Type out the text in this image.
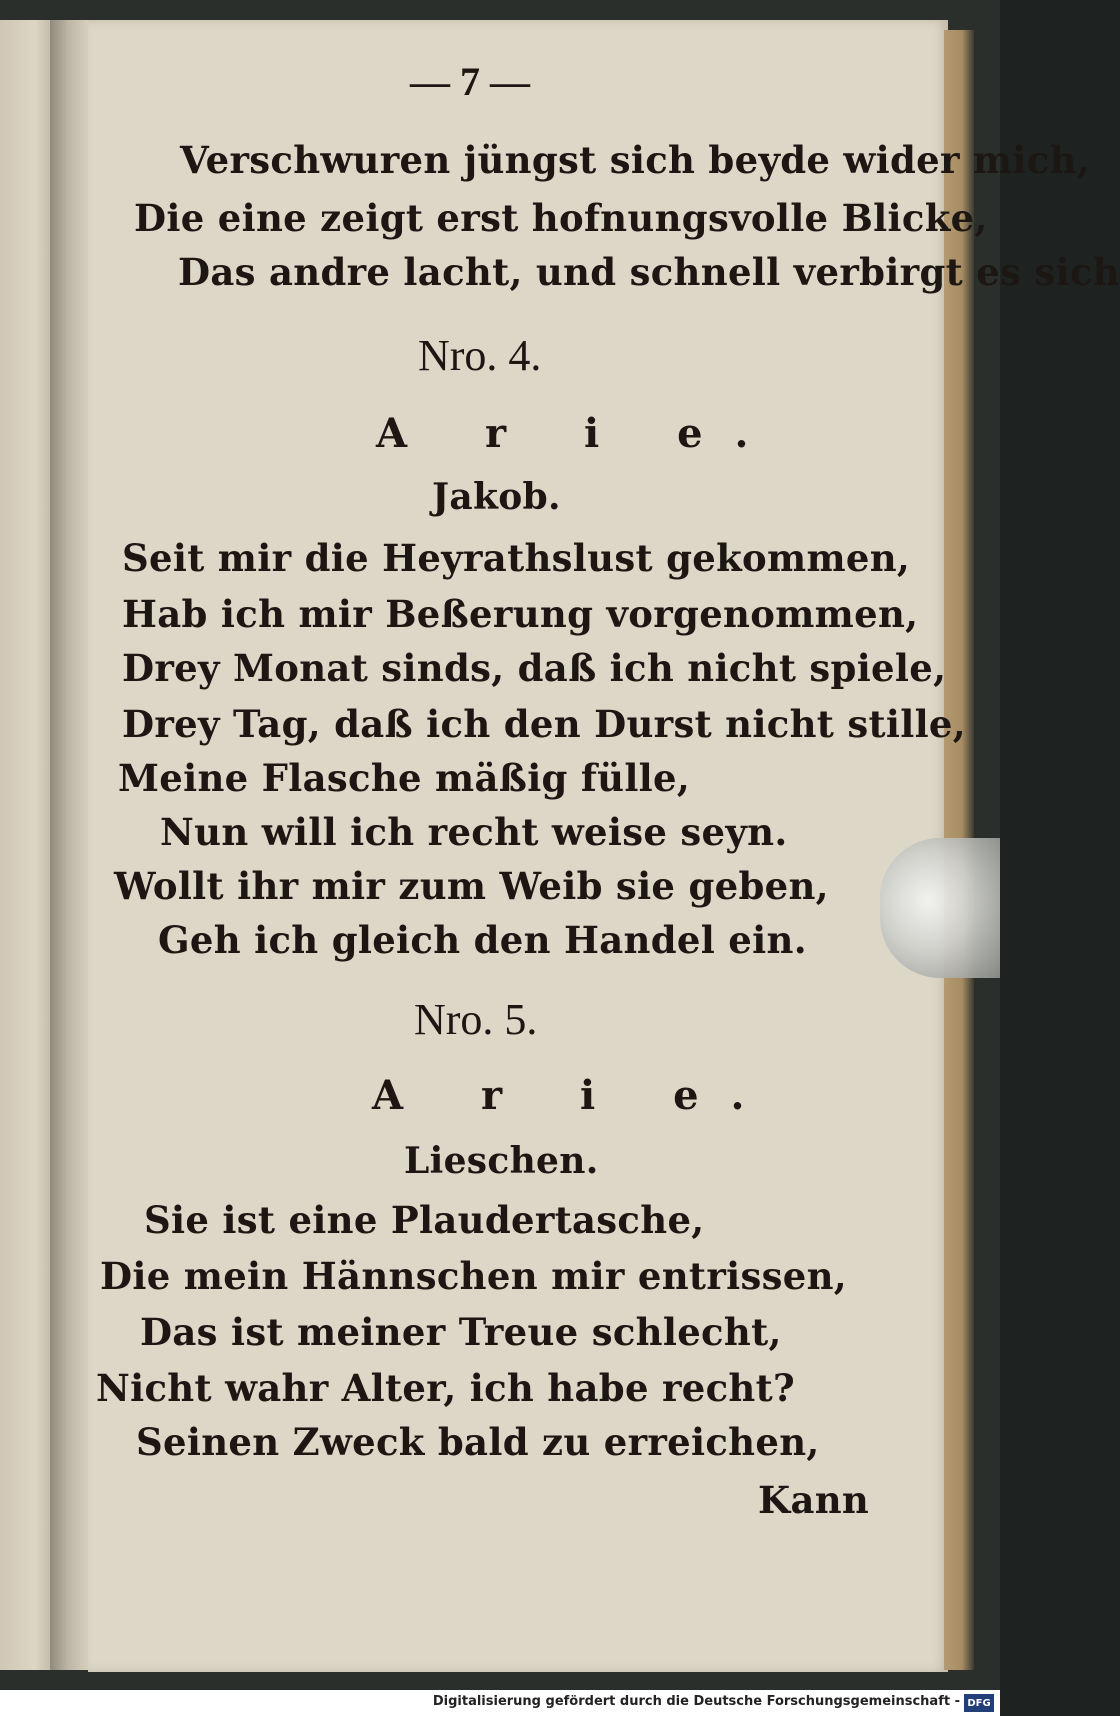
— 7 —
Verschwuren jüngst sich beyde wider mich,
Die eine zeigt erst hofnungsvolle Blicke,
Das andre lacht, und schnell verbirgt es sich
Nro. 4.
A r i e.
Jakob.
Seit mir die Heyrathslust gekommen,
Hab ich mir Beßerung vorgenommen,
Drey Monat sinds, daß ich nicht spiele,
Drey Tag, daß ich den Durst nicht stille,
Meine Flasche mäßig fülle,
Nun will ich recht weise seyn.
Wollt ihr mir zum Weib sie geben,
Geh ich gleich den Handel ein.
Nro. 5.
A r i e.
Lieschen.
Sie ist eine Plaudertasche,
Die mein Hännschen mir entrissen,
Das ist meiner Treue schlecht,
Nicht wahr Alter, ich habe recht?
Seinen Zweck bald zu erreichen,
Kann
Digitalisierung gefördert durch die Deutsche Forschungsgemeinschaft - DFG
